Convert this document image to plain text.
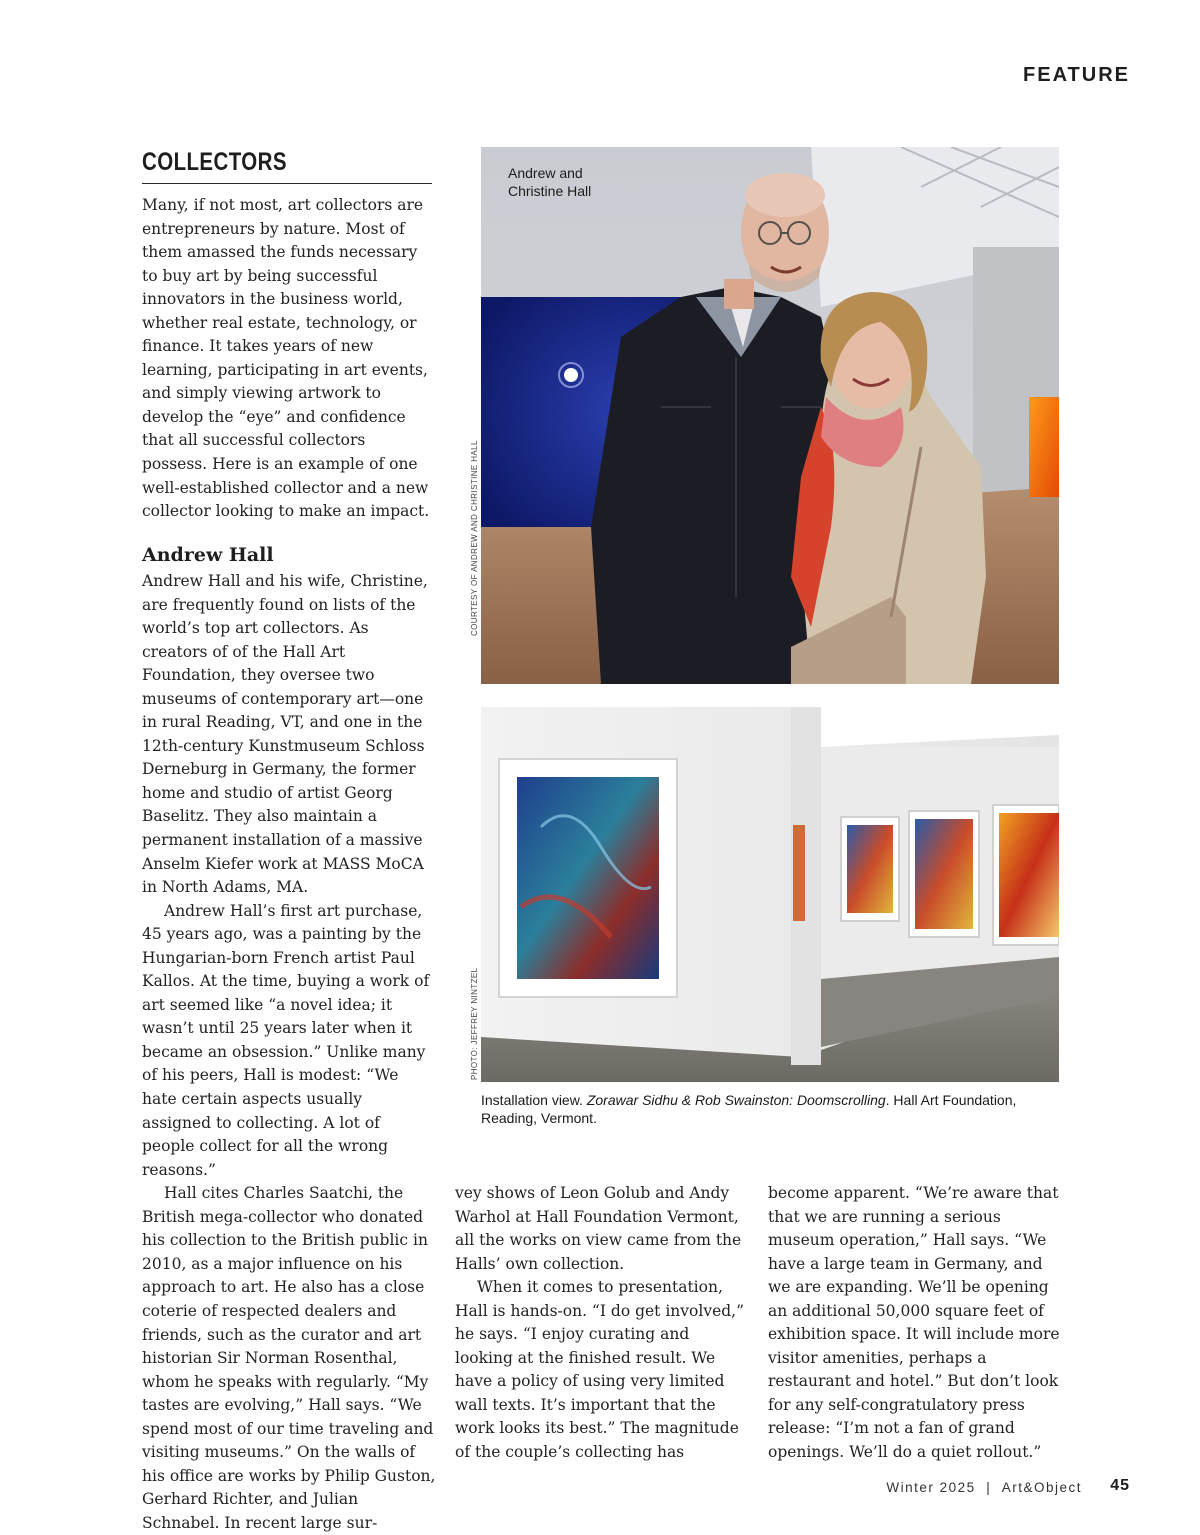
FEATURE
COLLECTORS

Many, if not most, art collectors are entrepreneurs by nature. Most of them amassed the funds necessary to buy art by being successful innovators in the business world, whether real estate, technology, or finance. It takes years of new learning, participating in art events, and simply viewing artwork to develop the “eye” and confidence that all successful collectors possess. Here is an example of one well-established collector and a new collector looking to make an impact.

Andrew Hall

Andrew Hall and his wife, Christine, are frequently found on lists of the world’s top art collectors. As creators of of the Hall Art Foundation, they oversee two museums of contemporary art—one in rural Reading, VT, and one in the 12th-century Kunstmuseum Schloss Derneburg in Germany, the former home and studio of artist Georg Baselitz. They also maintain a permanent installation of a massive Anselm Kiefer work at MASS MoCA in North Adams, MA.

Andrew Hall’s first art purchase, 45 years ago, was a painting by the Hungarian-born French artist Paul Kallos. At the time, buying a work of art seemed like “a novel idea; it wasn’t until 25 years later when it became an obsession.” Unlike many of his peers, Hall is modest: “We hate certain aspects usually assigned to collecting. A lot of people collect for all the wrong reasons.”

Hall cites Charles Saatchi, the British mega-collector who donated his collection to the British public in 2010, as a major influence on his approach to art. He also has a close coterie of respected dealers and friends, such as the curator and art historian Sir Norman Rosenthal, whom he speaks with regularly. “My tastes are evolving,” Hall says. “We spend most of our time traveling and visiting museums.” On the walls of his office are works by Philip Guston, Gerhard Richter, and Julian Schnabel. In recent large sur-

vey shows of Leon Golub and Andy Warhol at Hall Foundation Vermont, all the works on view came from the Halls’ own collection.

When it comes to presentation, Hall is hands-on. “I do get involved,” he says. “I enjoy curating and looking at the finished result. We have a policy of using very limited wall texts. It’s important that the work looks its best.” The magnitude of the couple’s collecting has

become apparent. “We’re aware that that we are running a serious museum operation,” Hall says. “We have a large team in Germany, and we are expanding. We’ll be opening an additional 50,000 square feet of exhibition space. It will include more visitor amenities, perhaps a restaurant and hotel.” But don’t look for any self-congratulatory press release: “I’m not a fan of grand openings. We’ll do a quiet rollout.”

Andrew and Christine Hall
COURTESY OF ANDREW AND CHRISTINE HALL
PHOTO: JEFFREY NINTZEL
Installation view. Zorawar Sidhu & Rob Swainston: Doomscrolling. Hall Art Foundation, Reading, Vermont.
Winter 2025 | Art&Object 45
